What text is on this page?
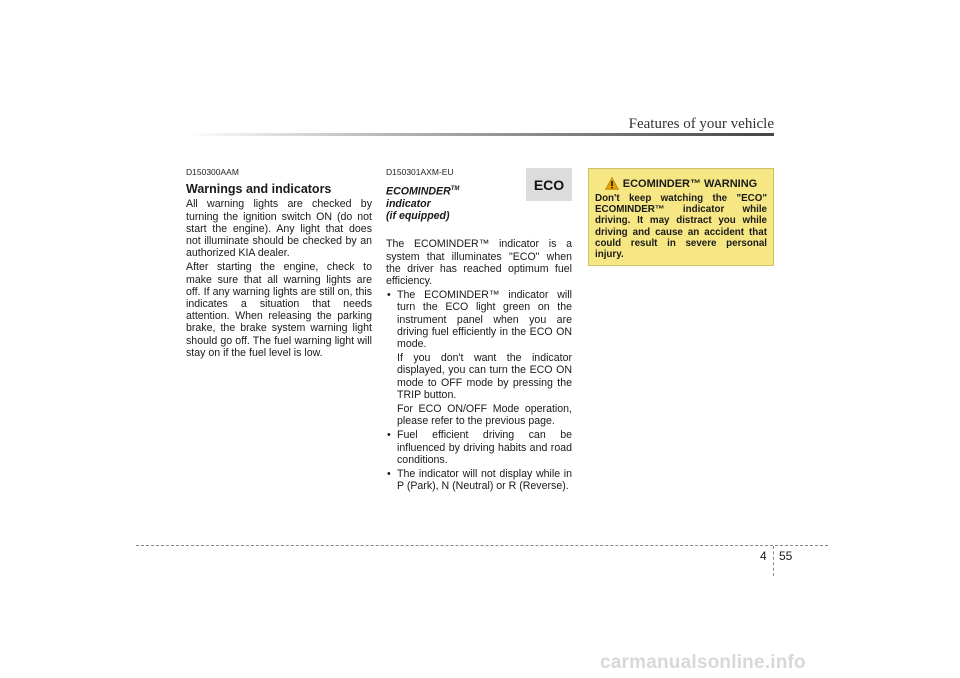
Features of your vehicle

D150300AAM

Warnings and indicators

All warning lights are checked by turning the ignition switch ON (do not start the engine). Any light that does not illuminate should be checked by an authorized KIA dealer.

After starting the engine, check to make sure that all warning lights are off. If any warning lights are still on, this indicates a situation that needs attention. When releasing the parking brake, the brake system warning light should go off. The fuel warning light will stay on if the fuel level is low.

D150301AXM-EU

ECOMINDER™ indicator
(if equipped)

The ECOMINDER™ indicator is a system that illuminates "ECO" when the driver has reached optimum fuel efficiency.

• The ECOMINDER™ indicator will turn the ECO light green on the instrument panel when you are driving fuel efficiently in the ECO ON mode.

If you don't want the indicator displayed, you can turn the ECO ON mode to OFF mode by pressing the TRIP button.

For ECO ON/OFF Mode operation, please refer to the previous page.

• Fuel efficient driving can be influenced by driving habits and road conditions.
• The indicator will not display while in P (Park), N (Neutral) or R (Reverse).
ECO	ECOMINDER™ WARNING

Don't keep watching the "ECO" ECOMINDER™ indicator while driving. It may distract you while driving and cause an accident that could result in severe personal injury.

4 55
carmanualsonline.info
